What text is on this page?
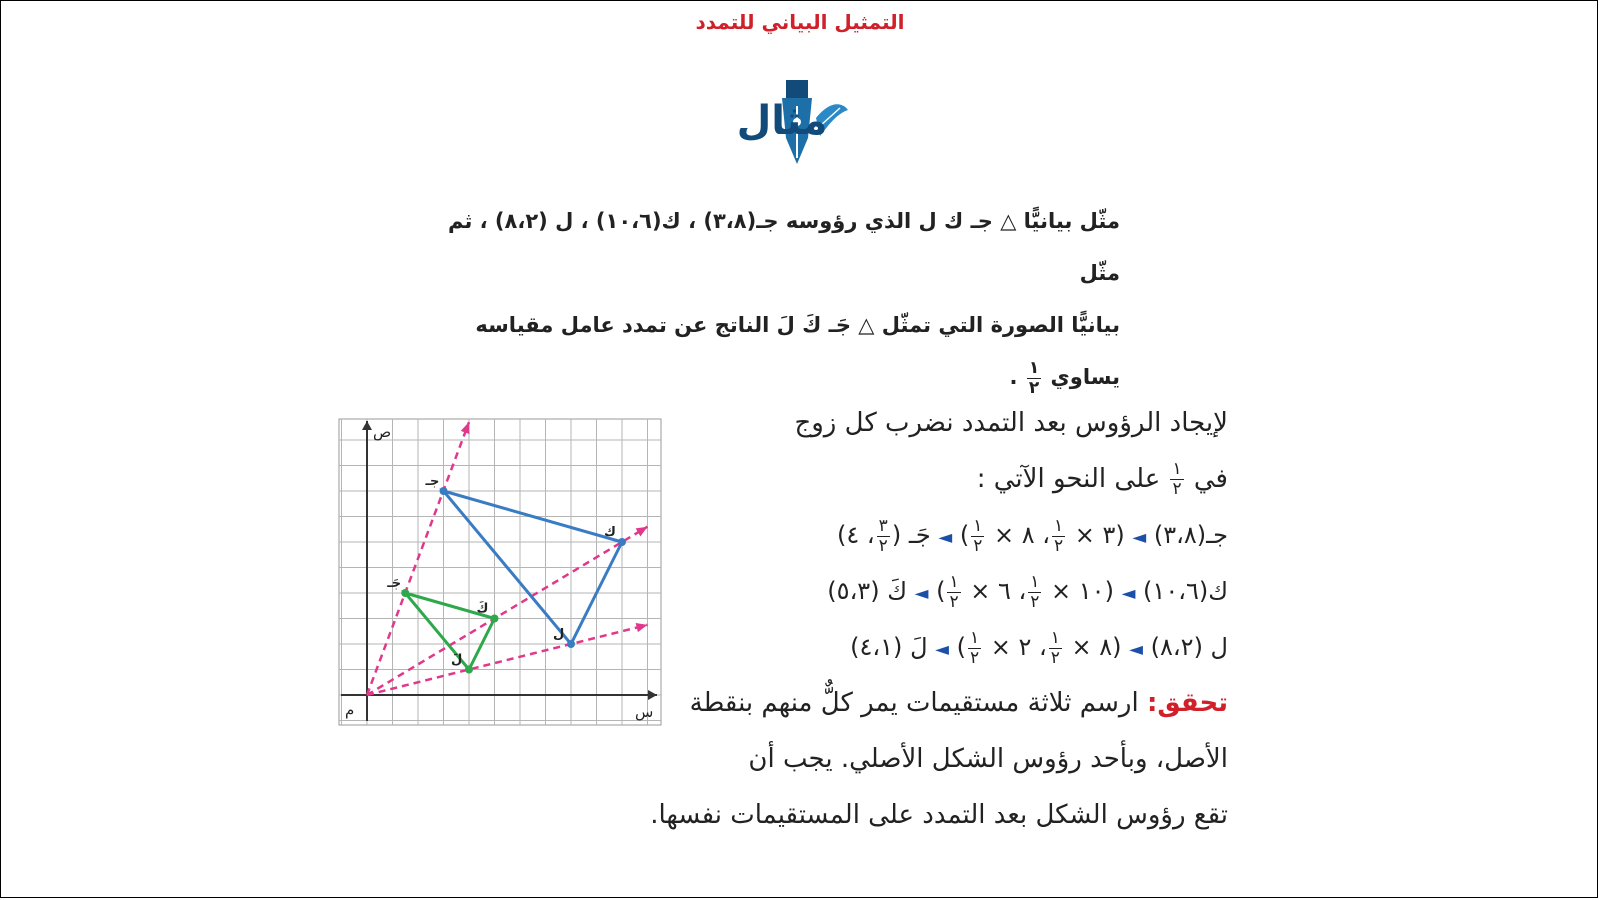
التمثيل البياني للتمدد
مثال
مثّل بيانيًّا △ جـ ك ل الذي رؤوسه جـ(٣،٨) ، ك(١٠،٦) ، ل (٨،٢) ، ثم مثّل
بيانيًّا الصورة التي تمثّل △ جَـ كَ لَ الناتج عن تمدد عامل مقياسه يساوي
$\frac{١}{٢}$
.
لإيجاد الرؤوس بعد التمدد نضرب كل زوج
في
$\frac{١}{٢}$
على النحو الآتي :
جـ(٣،٨) ◄ (٣ ×
$\frac{١}{٢}$
، ٨ ×
$\frac{١}{٢}$
) ◄ جَـ (
$\frac{٣}{٢}$
، ٤)
ك(١٠،٦) ◄ (١٠ ×
$\frac{١}{٢}$
، ٦ ×
$\frac{١}{٢}$
) ◄ كَ (٥،٣)
ل (٨،٢) ◄ (٨ ×
$\frac{١}{٢}$
، ٢ ×
$\frac{١}{٢}$
) ◄ لَ (٤،١)
تحقق: ارسم ثلاثة مستقيمات يمر كلٌّ منهم بنقطة
الأصل، وبأحد رؤوس الشكل الأصلي. يجب أن
تقع رؤوس الشكل بعد التمدد على المستقيمات نفسها.
س
ص
م
جـ
ك
ل
جَـ
كَ
لَ
